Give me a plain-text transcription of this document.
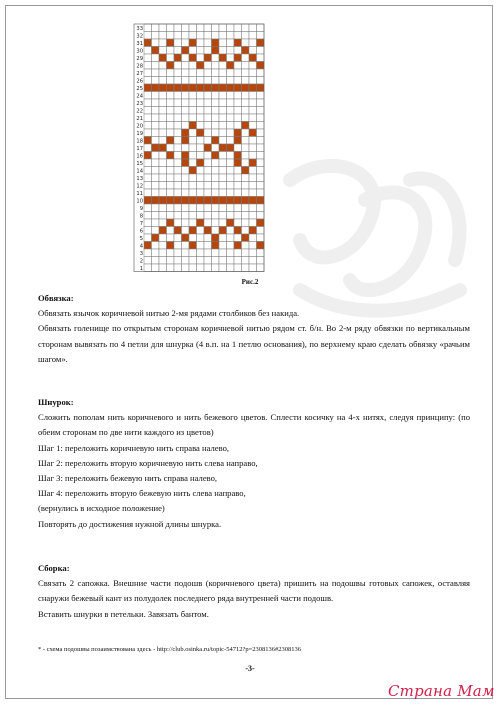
33
32
31
30
29
28
27
26
25
24
23
22
21
20
19
18
17
16
15
14
13
12
11
10
9
8
7
6
5
4
3
2
1
Рис.2

Обвязка:

Обвязать язычок коричневой нитью 2-мя рядами столбиков без накида.

Обвязать голенище по открытым сторонам коричневой нитью рядом ст. б/н. Во 2-м ряду обвязки по вертикальным сторонам вывязать по 4 петли для шнурка (4 в.п. на 1 петлю основания), по верхнему краю сделать обвязку «рачьим шагом».

Шнурок:

Сложить пополам нить коричневого и нить бежевого цветов. Сплести косичку на 4-х нитях, следуя принципу: (по обеим сторонам по две нити каждого из цветов)

Шаг 1: переложить коричневую нить справа налево,

Шаг 2: переложить вторую коричневую нить слева направо,

Шаг 3: переложить бежевую нить справа налево,

Шаг 4: переложить вторую бежевую нить слева направо,

(вернулись в исходное положение)

Повторять до достижения нужной длины шнурка.

Сборка:

Связать 2 сапожка. Внешние части подошв (коричневого цвета) пришить на подошвы готовых сапожек, оставляя снаружи бежевый кант из полудолек последнего ряда внутренней части подошв.

Вставить шнурки в петельки. Завязать бантом.

* - схема подошвы позаимствована здесь - http://club.osinka.ru/topic-54712?p=2308136#2308136
-3-
Страна Мам
